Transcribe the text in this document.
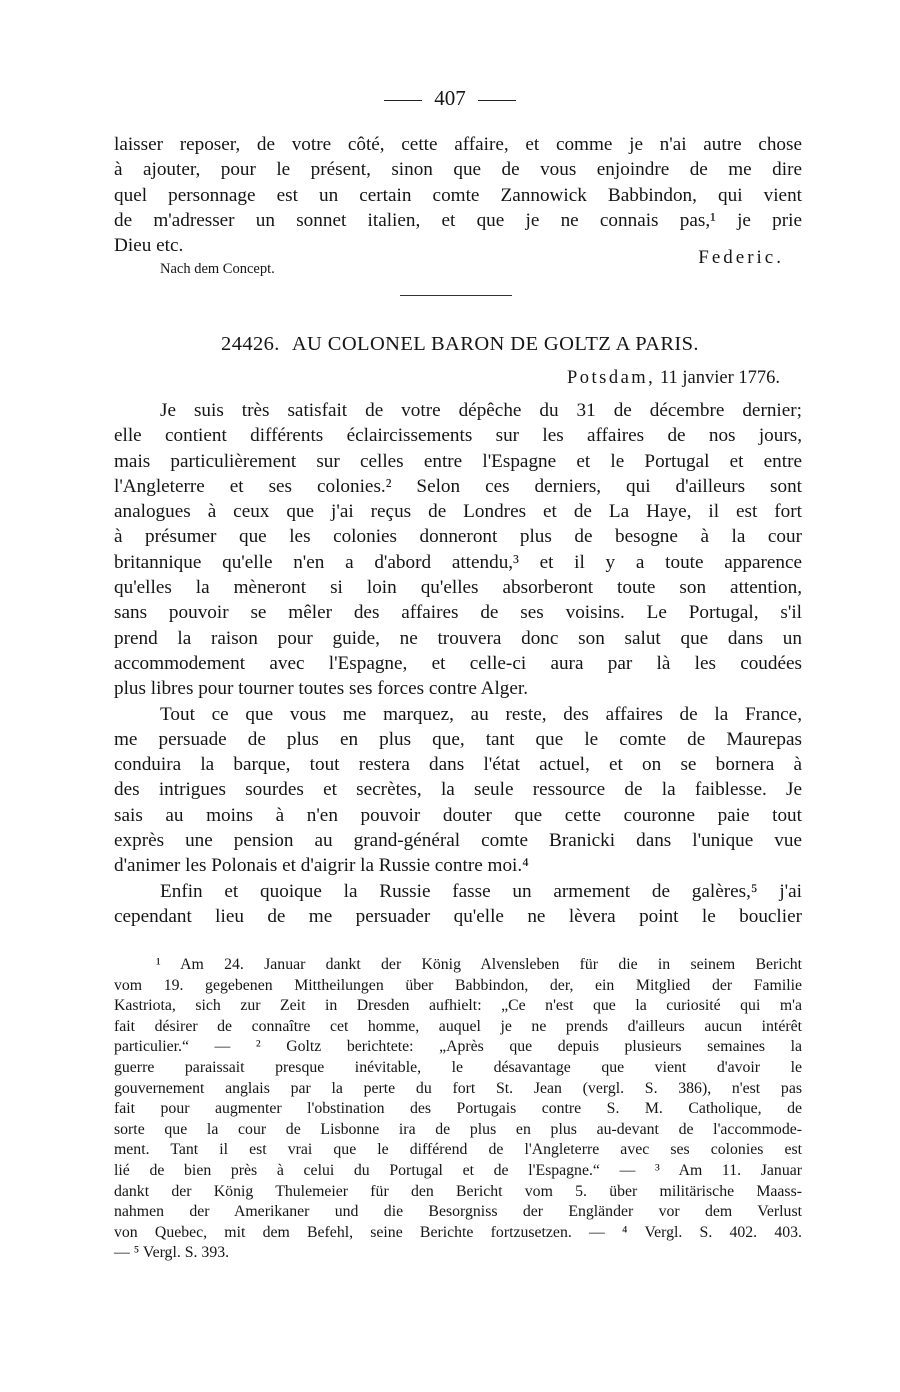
407
laisser reposer, de votre côté, cette affaire, et comme je n'ai autre chose
à ajouter, pour le présent, sinon que de vous enjoindre de me dire
quel personnage est un certain comte Zannowick Babbindon, qui vient
de m'adresser un sonnet italien, et que je ne connais pas,¹ je prie
Dieu etc.
Nach dem Concept.
Federic.
24426. AU COLONEL BARON DE GOLTZ A PARIS.
Potsdam, 11 janvier 1776.
Je suis très satisfait de votre dépêche du 31 de décembre dernier;
elle contient différents éclaircissements sur les affaires de nos jours,
mais particulièrement sur celles entre l'Espagne et le Portugal et entre
l'Angleterre et ses colonies.² Selon ces derniers, qui d'ailleurs sont
analogues à ceux que j'ai reçus de Londres et de La Haye, il est fort
à présumer que les colonies donneront plus de besogne à la cour
britannique qu'elle n'en a d'abord attendu,³ et il y a toute apparence
qu'elles la mèneront si loin qu'elles absorberont toute son attention,
sans pouvoir se mêler des affaires de ses voisins. Le Portugal, s'il
prend la raison pour guide, ne trouvera donc son salut que dans un
accommodement avec l'Espagne, et celle-ci aura par là les coudées
plus libres pour tourner toutes ses forces contre Alger.
Tout ce que vous me marquez, au reste, des affaires de la France,
me persuade de plus en plus que, tant que le comte de Maurepas
conduira la barque, tout restera dans l'état actuel, et on se bornera à
des intrigues sourdes et secrètes, la seule ressource de la faiblesse. Je
sais au moins à n'en pouvoir douter que cette couronne paie tout
exprès une pension au grand-général comte Branicki dans l'unique vue
d'animer les Polonais et d'aigrir la Russie contre moi.⁴
Enfin et quoique la Russie fasse un armement de galères,⁵ j'ai
cependant lieu de me persuader qu'elle ne lèvera point le bouclier
¹ Am 24. Januar dankt der König Alvensleben für die in seinem Bericht
vom 19. gegebenen Mittheilungen über Babbindon, der, ein Mitglied der Familie
Kastriota, sich zur Zeit in Dresden aufhielt: „Ce n'est que la curiosité qui m'a
fait désirer de connaître cet homme, auquel je ne prends d'ailleurs aucun intérêt
particulier.“ — ² Goltz berichtete: „Après que depuis plusieurs semaines la
guerre paraissait presque inévitable, le désavantage que vient d'avoir le
gouvernement anglais par la perte du fort St. Jean (vergl. S. 386), n'est pas
fait pour augmenter l'obstination des Portugais contre S. M. Catholique, de
sorte que la cour de Lisbonne ira de plus en plus au-devant de l'accommode-
ment. Tant il est vrai que le différend de l'Angleterre avec ses colonies est
lié de bien près à celui du Portugal et de l'Espagne.“ — ³ Am 11. Januar
dankt der König Thulemeier für den Bericht vom 5. über militärische Maass-
nahmen der Amerikaner und die Besorgniss der Engländer vor dem Verlust
von Quebec, mit dem Befehl, seine Berichte fortzusetzen. — ⁴ Vergl. S. 402. 403.
— ⁵ Vergl. S. 393.
